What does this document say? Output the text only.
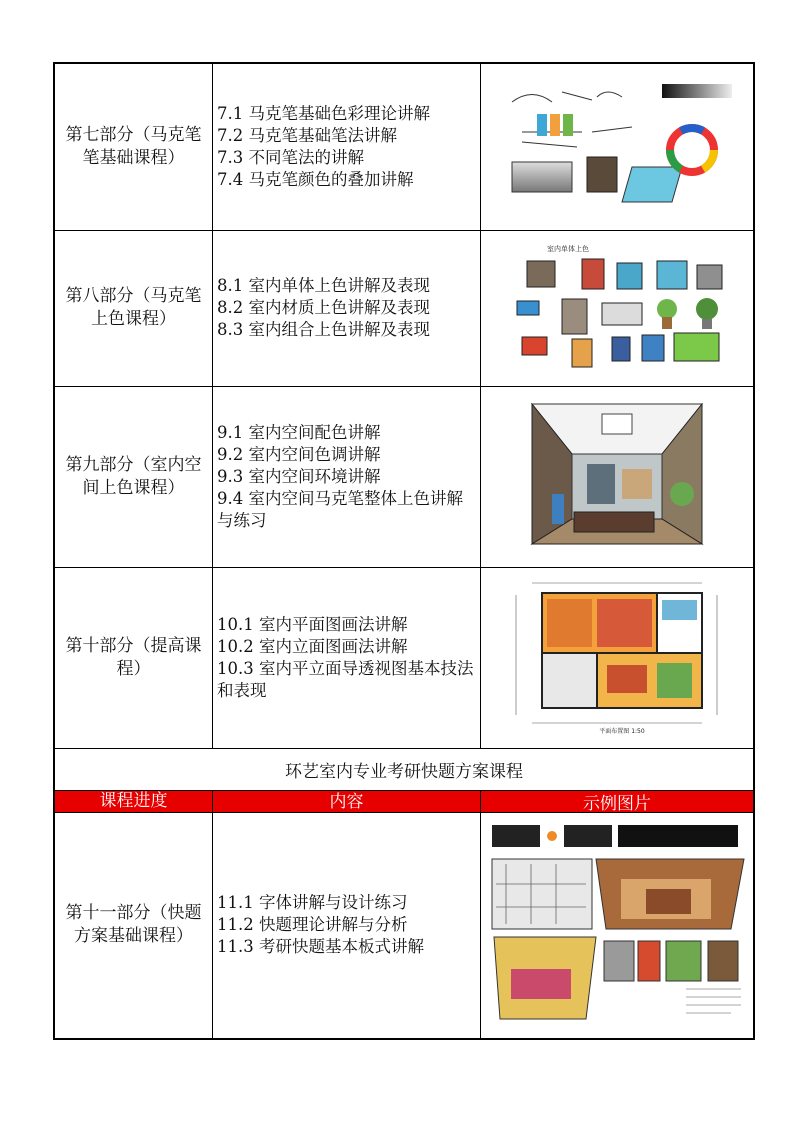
第七部分（马克笔笔基础课程）
7.1 马克笔基础色彩理论讲解
7.2 马克笔基础笔法讲解
7.3 不同笔法的讲解
7.4 马克笔颜色的叠加讲解
第八部分（马克笔上色课程）
8.1 室内单体上色讲解及表现
8.2 室内材质上色讲解及表现
8.3 室内组合上色讲解及表现
室内单体上色
第九部分（室内空间上色课程）
9.1 室内空间配色讲解
9.2 室内空间色调讲解
9.3 室内空间环境讲解
9.4 室内空间马克笔整体上色讲解与练习
第十部分（提高课程）
10.1 室内平面图画法讲解
10.2 室内立面图画法讲解
10.3 室内平立面导透视图基本技法和表现
平面布置图 1:50
环艺室内专业考研快题方案课程
课程进度	内容	示例图片
第十一部分（快题方案基础课程）
11.1 字体讲解与设计练习
11.2 快题理论讲解与分析
11.3 考研快题基本板式讲解
